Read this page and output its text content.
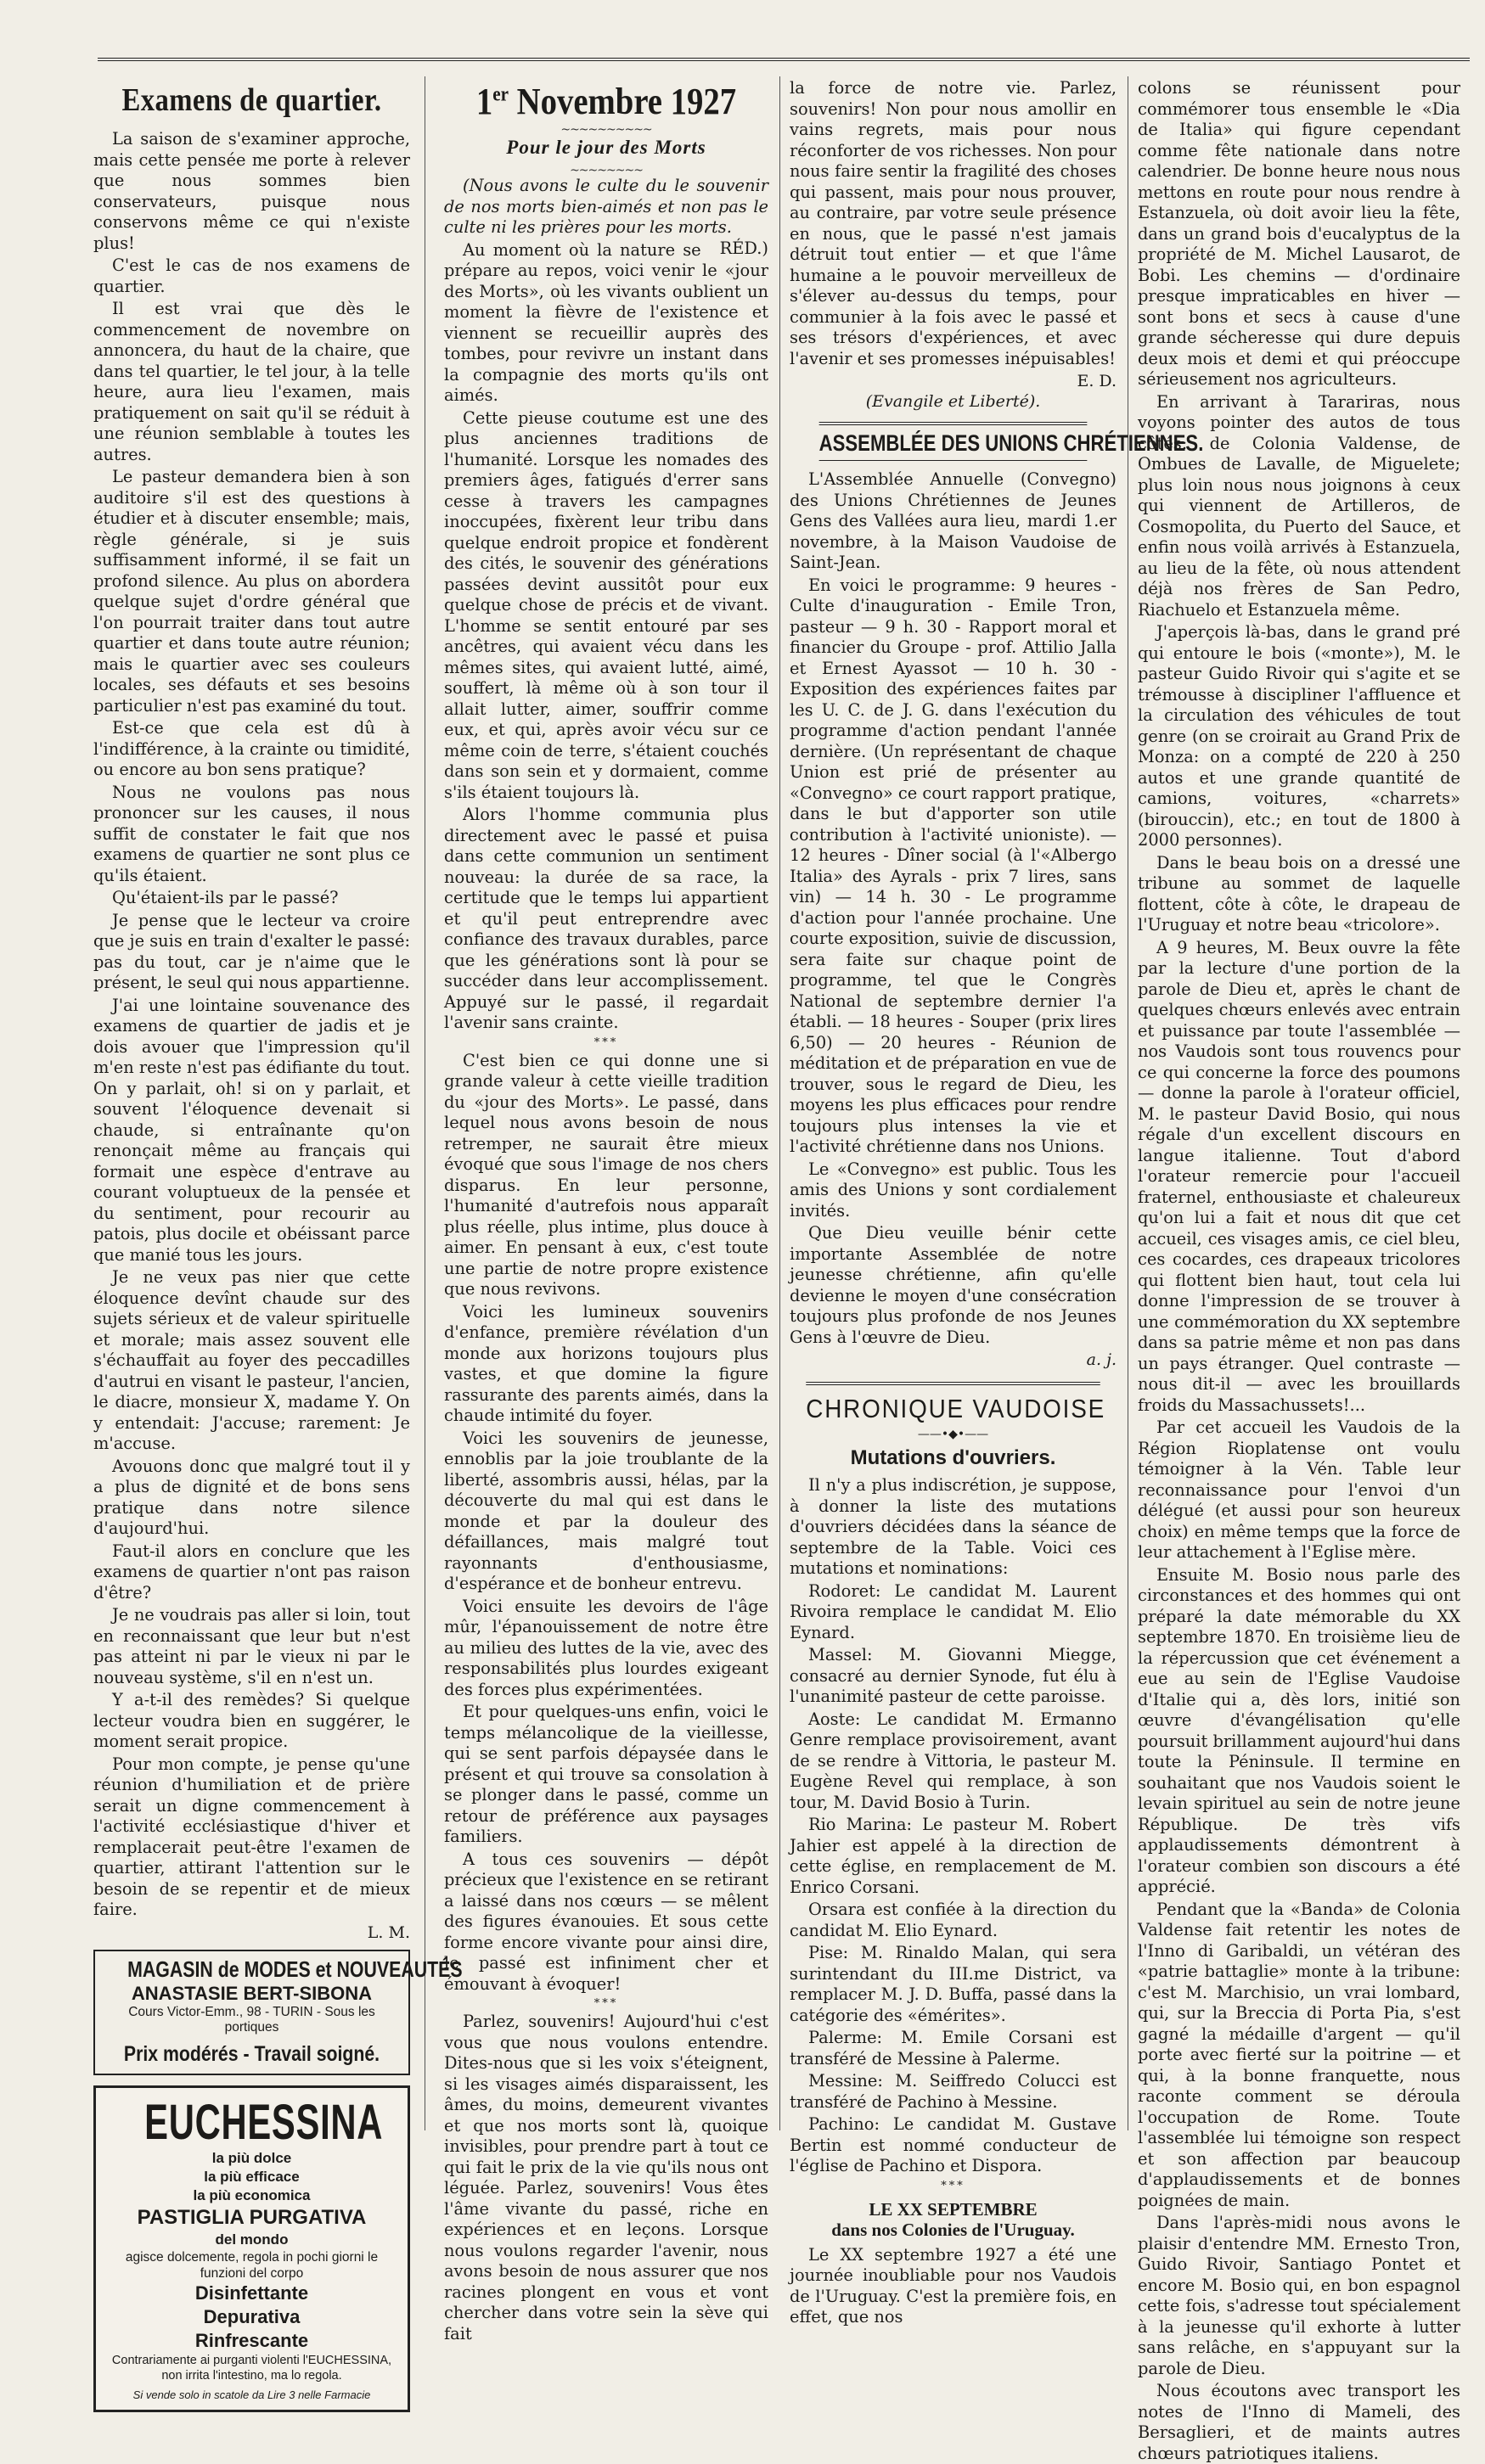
Examens de quartier.

La saison de s'examiner approche, mais cette pensée me porte à relever que nous sommes bien conservateurs, puisque nous conservons même ce qui n'existe plus!

C'est le cas de nos examens de quartier.

Il est vrai que dès le commencement de novembre on annoncera, du haut de la chaire, que dans tel quartier, le tel jour, à la telle heure, aura lieu l'examen, mais pratiquement on sait qu'il se réduit à une réunion semblable à toutes les autres.

Le pasteur demandera bien à son auditoire s'il est des questions à étudier et à discuter ensemble; mais, règle générale, si je suis suffisamment informé, il se fait un profond silence. Au plus on abordera quelque sujet d'ordre général que l'on pourrait traiter dans tout autre quartier et dans toute autre réunion; mais le quartier avec ses couleurs locales, ses défauts et ses besoins particulier n'est pas examiné du tout.

Est-ce que cela est dû à l'indifférence, à la crainte ou timidité, ou encore au bon sens pratique?

Nous ne voulons pas nous prononcer sur les causes, il nous suffit de constater le fait que nos examens de quartier ne sont plus ce qu'ils étaient.

Qu'étaient-ils par le passé?

Je pense que le lecteur va croire que je suis en train d'exalter le passé: pas du tout, car je n'aime que le présent, le seul qui nous appartienne.

J'ai une lointaine souvenance des examens de quartier de jadis et je dois avouer que l'impression qu'il m'en reste n'est pas édifiante du tout. On y parlait, oh! si on y parlait, et souvent l'éloquence devenait si chaude, si entraînante qu'on renonçait même au français qui formait une espèce d'entrave au courant voluptueux de la pensée et du sentiment, pour recourir au patois, plus docile et obéissant parce que manié tous les jours.

Je ne veux pas nier que cette éloquence devînt chaude sur des sujets sérieux et de valeur spirituelle et morale; mais assez souvent elle s'échauffait au foyer des peccadilles d'autrui en visant le pasteur, l'ancien, le diacre, monsieur X, madame Y. On y entendait: J'accuse; rarement: Je m'accuse.

Avouons donc que malgré tout il y a plus de dignité et de bons sens pratique dans notre silence d'aujourd'hui.

Faut-il alors en conclure que les examens de quartier n'ont pas raison d'être?

Je ne voudrais pas aller si loin, tout en reconnaissant que leur but n'est pas atteint ni par le vieux ni par le nouveau système, s'il en n'est un.

Y a-t-il des remèdes? Si quelque lecteur voudra bien en suggérer, le moment serait propice.

Pour mon compte, je pense qu'une réunion d'humiliation et de prière serait un digne commencement à l'activité ecclésiastique d'hiver et remplacerait peut-être l'examen de quartier, attirant l'attention sur le besoin de se repentir et de mieux faire.

L. M.
MAGASIN de MODES et NOUVEAUTÉS
ANASTASIE BERT-SIBONA
Cours Victor-Emm., 98 - TURIN - Sous les portiques
Prix modérés - Travail soigné.
EUCHESSINA
la più dolce
la più efficace
la più economica
PASTIGLIA PURGATIVA
del mondo
agisce dolcemente, regola in pochi giorni le funzioni del corpo
Disinfettante
Depurativa
Rinfrescante
Contrariamente ai purganti violenti l'EUCHESSINA, non irrita l'intestino, ma lo regola.
Si vende solo in scatole da Lire 3 nelle Farmacie
1er Novembre 1927
~~~~~~~~~~
Pour le jour des Morts
~~~~~~~~

(Nous avons le culte du le souvenir de nos morts bien-aimés et non pas le culte ni les prières pour les morts.
RÉD.)

Au moment où la nature se prépare au repos, voici venir le «jour des Morts», où les vivants oublient un moment la fièvre de l'existence et viennent se recueillir auprès des tombes, pour revivre un instant dans la compagnie des morts qu'ils ont aimés.

Cette pieuse coutume est une des plus anciennes traditions de l'humanité. Lorsque les nomades des premiers âges, fatigués d'errer sans cesse à travers les campagnes inoccupées, fixèrent leur tribu dans quelque endroit propice et fondèrent des cités, le souvenir des générations passées devint aussitôt pour eux quelque chose de précis et de vivant. L'homme se sentit entouré par ses ancêtres, qui avaient vécu dans les mêmes sites, qui avaient lutté, aimé, souffert, là même où à son tour il allait lutter, aimer, souffrir comme eux, et qui, après avoir vécu sur ce même coin de terre, s'étaient couchés dans son sein et y dormaient, comme s'ils étaient toujours là.

Alors l'homme communia plus directement avec le passé et puisa dans cette communion un sentiment nouveau: la durée de sa race, la certitude que le temps lui appartient et qu'il peut entreprendre avec confiance des travaux durables, parce que les générations sont là pour se succéder dans leur accomplissement. Appuyé sur le passé, il regardait l'avenir sans crainte.

***

C'est bien ce qui donne une si grande valeur à cette vieille tradition du «jour des Morts». Le passé, dans lequel nous avons besoin de nous retremper, ne saurait être mieux évoqué que sous l'image de nos chers disparus. En leur personne, l'humanité d'autrefois nous apparaît plus réelle, plus intime, plus douce à aimer. En pensant à eux, c'est toute une partie de notre propre existence que nous revivons.

Voici les lumineux souvenirs d'enfance, première révélation d'un monde aux horizons toujours plus vastes, et que domine la figure rassurante des parents aimés, dans la chaude intimité du foyer.

Voici les souvenirs de jeunesse, ennoblis par la joie troublante de la liberté, assombris aussi, hélas, par la découverte du mal qui est dans le monde et par la douleur des défaillances, mais malgré tout rayonnants d'enthousiasme, d'espérance et de bonheur entrevu.

Voici ensuite les devoirs de l'âge mûr, l'épanouissement de notre être au milieu des luttes de la vie, avec des responsabilités plus lourdes exigeant des forces plus expérimentées.

Et pour quelques-uns enfin, voici le temps mélancolique de la vieillesse, qui se sent parfois dépaysée dans le présent et qui trouve sa consolation à se plonger dans le passé, comme un retour de préférence aux paysages familiers.

A tous ces souvenirs — dépôt précieux que l'existence en se retirant a laissé dans nos cœurs — se mêlent des figures évanouies. Et sous cette forme encore vivante pour ainsi dire, le passé est infiniment cher et émouvant à évoquer!

***

Parlez, souvenirs! Aujourd'hui c'est vous que nous voulons entendre. Dites-nous que si les voix s'éteignent, si les visages aimés disparaissent, les âmes, du moins, demeurent vivantes et que nos morts sont là, quoique invisibles, pour prendre part à tout ce qui fait le prix de la vie qu'ils nous ont léguée. Parlez, souvenirs! Vous êtes l'âme vivante du passé, riche en expériences et en leçons. Lorsque nous voulons regarder l'avenir, nous avons besoin de nous assurer que nos racines plongent en vous et vont chercher dans votre sein la sève qui fait

la force de notre vie. Parlez, souvenirs! Non pour nous amollir en vains regrets, mais pour nous réconforter de vos richesses. Non pour nous faire sentir la fragilité des choses qui passent, mais pour nous prouver, au contraire, par votre seule présence en nous, que le passé n'est jamais détruit tout entier — et que l'âme humaine a le pouvoir merveilleux de s'élever au-dessus du temps, pour communier à la fois avec le passé et ses trésors d'expériences, et avec l'avenir et ses promesses inépuisables!

E. D.
(Evangile et Liberté).
ASSEMBLÉE DES UNIONS CHRÉTIENNES.

L'Assemblée Annuelle (Convegno) des Unions Chrétiennes de Jeunes Gens des Vallées aura lieu, mardi 1.er novembre, à la Maison Vaudoise de Saint-Jean.

En voici le programme: 9 heures - Culte d'inauguration - Emile Tron, pasteur — 9 h. 30 - Rapport moral et financier du Groupe - prof. Attilio Jalla et Ernest Ayassot — 10 h. 30 - Exposition des expériences faites par les U. C. de J. G. dans l'exécution du programme d'action pendant l'année dernière. (Un représentant de chaque Union est prié de présenter au «Convegno» ce court rapport pratique, dans le but d'apporter son utile contribution à l'activité unioniste). — 12 heures - Dîner social (à l'«Albergo Italia» des Ayrals - prix 7 lires, sans vin) — 14 h. 30 - Le programme d'action pour l'année prochaine. Une courte exposition, suivie de discussion, sera faite sur chaque point de programme, tel que le Congrès National de septembre dernier l'a établi. — 18 heures - Souper (prix lires 6,50) — 20 heures - Réunion de méditation et de préparation en vue de trouver, sous le regard de Dieu, les moyens les plus efficaces pour rendre toujours plus intenses la vie et l'activité chrétienne dans nos Unions.

Le «Convegno» est public. Tous les amis des Unions y sont cordialement invités.

Que Dieu veuille bénir cette importante Assemblée de notre jeunesse chrétienne, afin qu'elle devienne le moyen d'une consécration toujours plus profonde de nos Jeunes Gens à l'œuvre de Dieu.

a. j.
CHRONIQUE VAUDOISE
——•◆•——
Mutations d'ouvriers.

Il n'y a plus indiscrétion, je suppose, à donner la liste des mutations d'ouvriers décidées dans la séance de septembre de la Table. Voici ces mutations et nominations:

Rodoret: Le candidat M. Laurent Rivoira remplace le candidat M. Elio Eynard.

Massel: M. Giovanni Miegge, consacré au dernier Synode, fut élu à l'unanimité pasteur de cette paroisse.

Aoste: Le candidat M. Ermanno Genre remplace provisoirement, avant de se rendre à Vittoria, le pasteur M. Eugène Revel qui remplace, à son tour, M. David Bosio à Turin.

Rio Marina: Le pasteur M. Robert Jahier est appelé à la direction de cette église, en remplacement de M. Enrico Corsani.

Orsara est confiée à la direction du candidat M. Elio Eynard.

Pise: M. Rinaldo Malan, qui sera surintendant du III.me District, va remplacer M. J. D. Buffa, passé dans la catégorie des «émérites».

Palerme: M. Emile Corsani est transféré de Messine à Palerme.

Messine: M. Seiffredo Colucci est transféré de Pachino à Messine.

Pachino: Le candidat M. Gustave Bertin est nommé conducteur de l'église de Pachino et Dispora.

***
LE XX SEPTEMBRE
dans nos Colonies de l'Uruguay.

Le XX septembre 1927 a été une journée inoubliable pour nos Vaudois de l'Uruguay. C'est la première fois, en effet, que nos

colons se réunissent pour commémorer tous ensemble le «Dia de Italia» qui figure cependant comme fête nationale dans notre calendrier. De bonne heure nous nous mettons en route pour nous rendre à Estanzuela, où doit avoir lieu la fête, dans un grand bois d'eucalyptus de la propriété de M. Michel Lausarot, de Bobi. Les chemins — d'ordinaire presque impraticables en hiver — sont bons et secs à cause d'une grande sécheresse qui dure depuis deux mois et demi et qui préoccupe sérieusement nos agriculteurs.

En arrivant à Tarariras, nous voyons pointer des autos de tous côtés: de Colonia Valdense, de Ombues de Lavalle, de Miguelete; plus loin nous nous joignons à ceux qui viennent de Artilleros, de Cosmopolita, du Puerto del Sauce, et enfin nous voilà arrivés à Estanzuela, au lieu de la fête, où nous attendent déjà nos frères de San Pedro, Riachuelo et Estanzuela même.

J'aperçois là-bas, dans le grand pré qui entoure le bois («monte»), M. le pasteur Guido Rivoir qui s'agite et se trémousse à discipliner l'affluence et la circulation des véhicules de tout genre (on se croirait au Grand Prix de Monza: on a compté de 220 à 250 autos et une grande quantité de camions, voitures, «charrets» (birouccin), etc.; en tout de 1800 à 2000 personnes).

Dans le beau bois on a dressé une tribune au sommet de laquelle flottent, côte à côte, le drapeau de l'Uruguay et notre beau «tricolore».

A 9 heures, M. Beux ouvre la fête par la lecture d'une portion de la parole de Dieu et, après le chant de quelques chœurs enlevés avec entrain et puissance par toute l'assemblée — nos Vaudois sont tous rouvencs pour ce qui concerne la force des poumons — donne la parole à l'orateur officiel, M. le pasteur David Bosio, qui nous régale d'un excellent discours en langue italienne. Tout d'abord l'orateur remercie pour l'accueil fraternel, enthousiaste et chaleureux qu'on lui a fait et nous dit que cet accueil, ces visages amis, ce ciel bleu, ces cocardes, ces drapeaux tricolores qui flottent bien haut, tout cela lui donne l'impression de se trouver à une commémoration du XX septembre dans sa patrie même et non pas dans un pays étranger. Quel contraste — nous dit-il — avec les brouillards froids du Massachussets!...

Par cet accueil les Vaudois de la Région Rioplatense ont voulu témoigner à la Vén. Table leur reconnaissance pour l'envoi d'un délégué (et aussi pour son heureux choix) en même temps que la force de leur attachement à l'Eglise mère.

Ensuite M. Bosio nous parle des circonstances et des hommes qui ont préparé la date mémorable du XX septembre 1870. En troisième lieu de la répercussion que cet événement a eue au sein de l'Eglise Vaudoise d'Italie qui a, dès lors, initié son œuvre d'évangélisation qu'elle poursuit brillamment aujourd'hui dans toute la Péninsule. Il termine en souhaitant que nos Vaudois soient le levain spirituel au sein de notre jeune République. De très vifs applaudissements démontrent à l'orateur combien son discours a été apprécié.

Pendant que la «Banda» de Colonia Valdense fait retentir les notes de l'Inno di Garibaldi, un vétéran des «patrie battaglie» monte à la tribune: c'est M. Marchisio, un vrai lombard, qui, sur la Breccia di Porta Pia, s'est gagné la médaille d'argent — qu'il porte avec fierté sur la poitrine — et qui, à la bonne franquette, nous raconte comment se déroula l'occupation de Rome. Toute l'assemblée lui témoigne son respect et son affection par beaucoup d'applaudissements et de bonnes poignées de main.

Dans l'après-midi nous avons le plaisir d'entendre MM. Ernesto Tron, Guido Rivoir, Santiago Pontet et encore M. Bosio qui, en bon espagnol cette fois, s'adresse tout spécialement à la jeunesse qu'il exhorte à lutter sans relâche, en s'appuyant sur la parole de Dieu.

Nous écoutons avec transport les notes de l'Inno di Mameli, des Bersaglieri, et de maints autres chœurs patriotiques italiens.
